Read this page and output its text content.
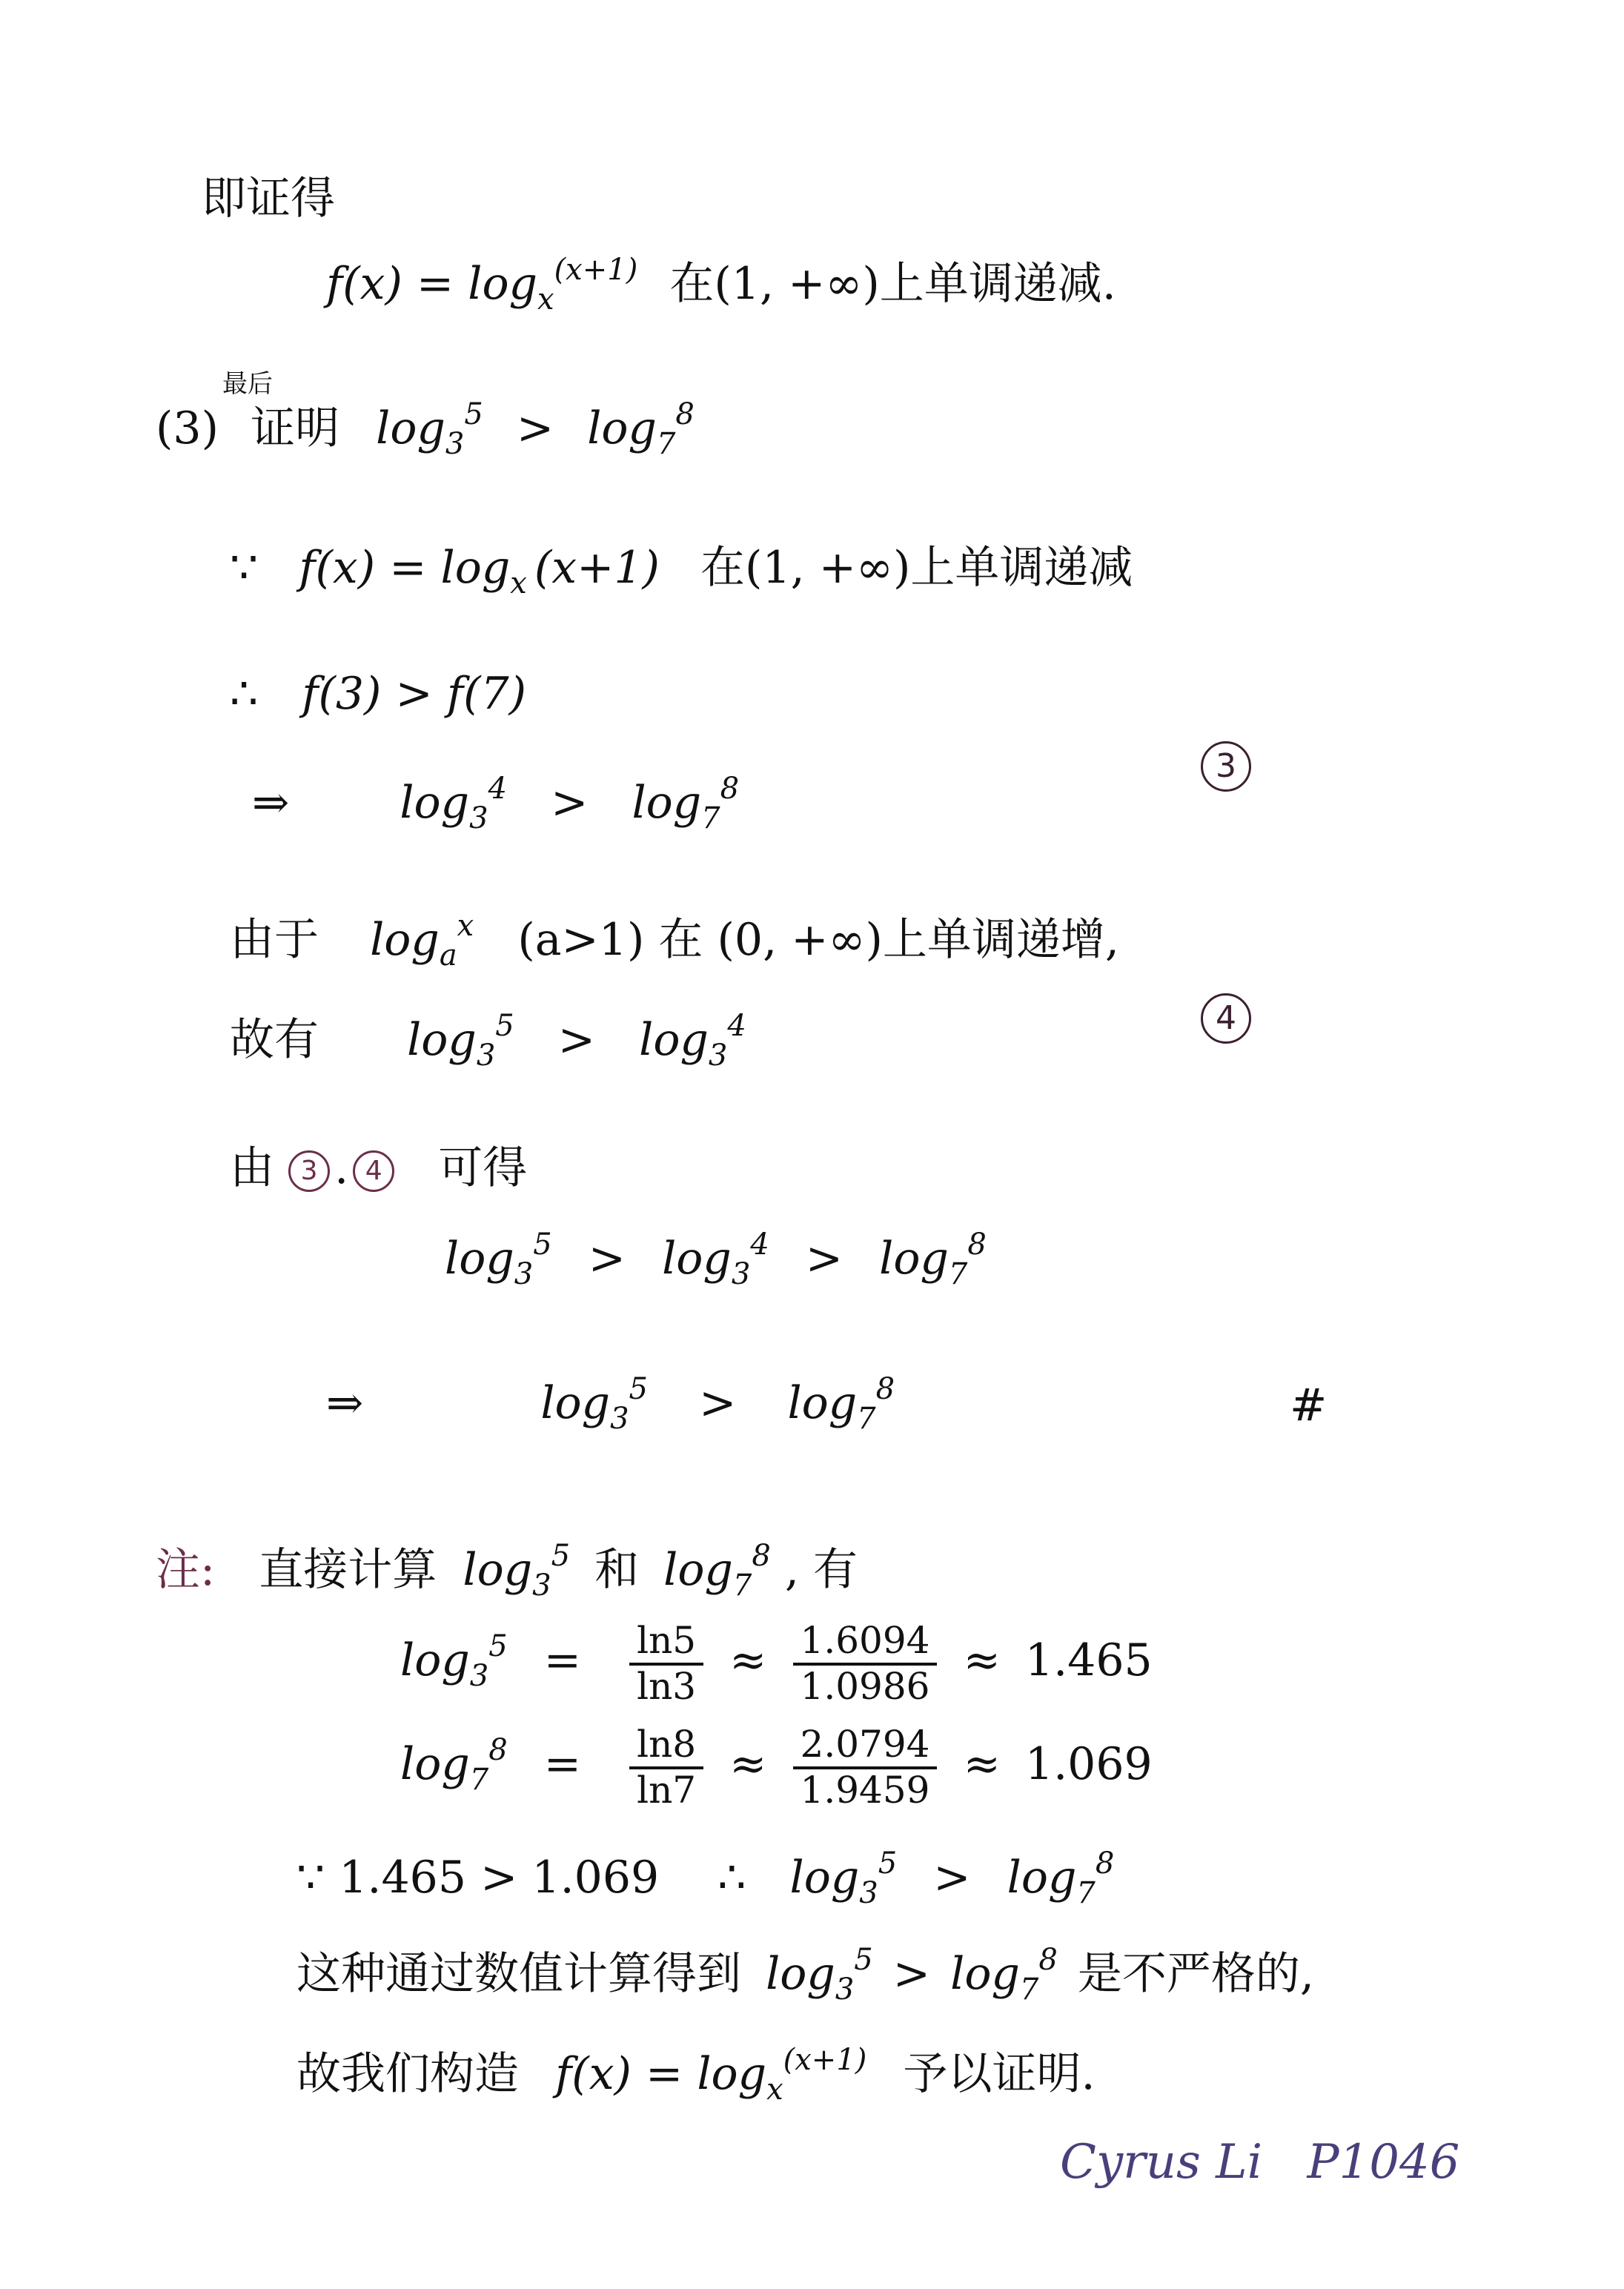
即证得
$f(x) = \log_x^{(x+1)}$ 在(1, +∞)上单调递减.
最后
(3) 证明 $\log_3^5 > \log_7^8$
∵ $f(x) = \log_x (x+1)$ 在(1, +∞)上单调递减
∴ f(3) > f(7)
⇒ $\log_3^4 > \log_7^8$
3
由于 $\log_a^x (a>1)$ 在 (0, +∞)上单调递增,
故有 $\log_3^5 > \log_3^4$	4
由 3 . 4 可得
$\log_3^5 > \log_3^4 > \log_7^8$
⇒	$\log_3^5 > \log_7^8$	#
注: 直接计算 $\log_3^5$ 和 $\log_7^8$ , 有
$\log_3^5 = \frac{\ln 5}{\ln 3} \approx \frac{1.6094}{1.0986} \approx 1.465$
$\log_7^8 = \frac{\ln 8}{\ln 7} \approx \frac{2.0794}{1.9459} \approx 1.069$
∵ 1.465 > 1.069 ∴ $\log_3^5 > \log_7^8$
这种通过数值计算得到 $\log_3^5 > \log_7^8$ 是不严格的,
故我们构造 $f(x) = \log_x^{(x+1)}$ 予以证明.
Cyrus Li P1046
